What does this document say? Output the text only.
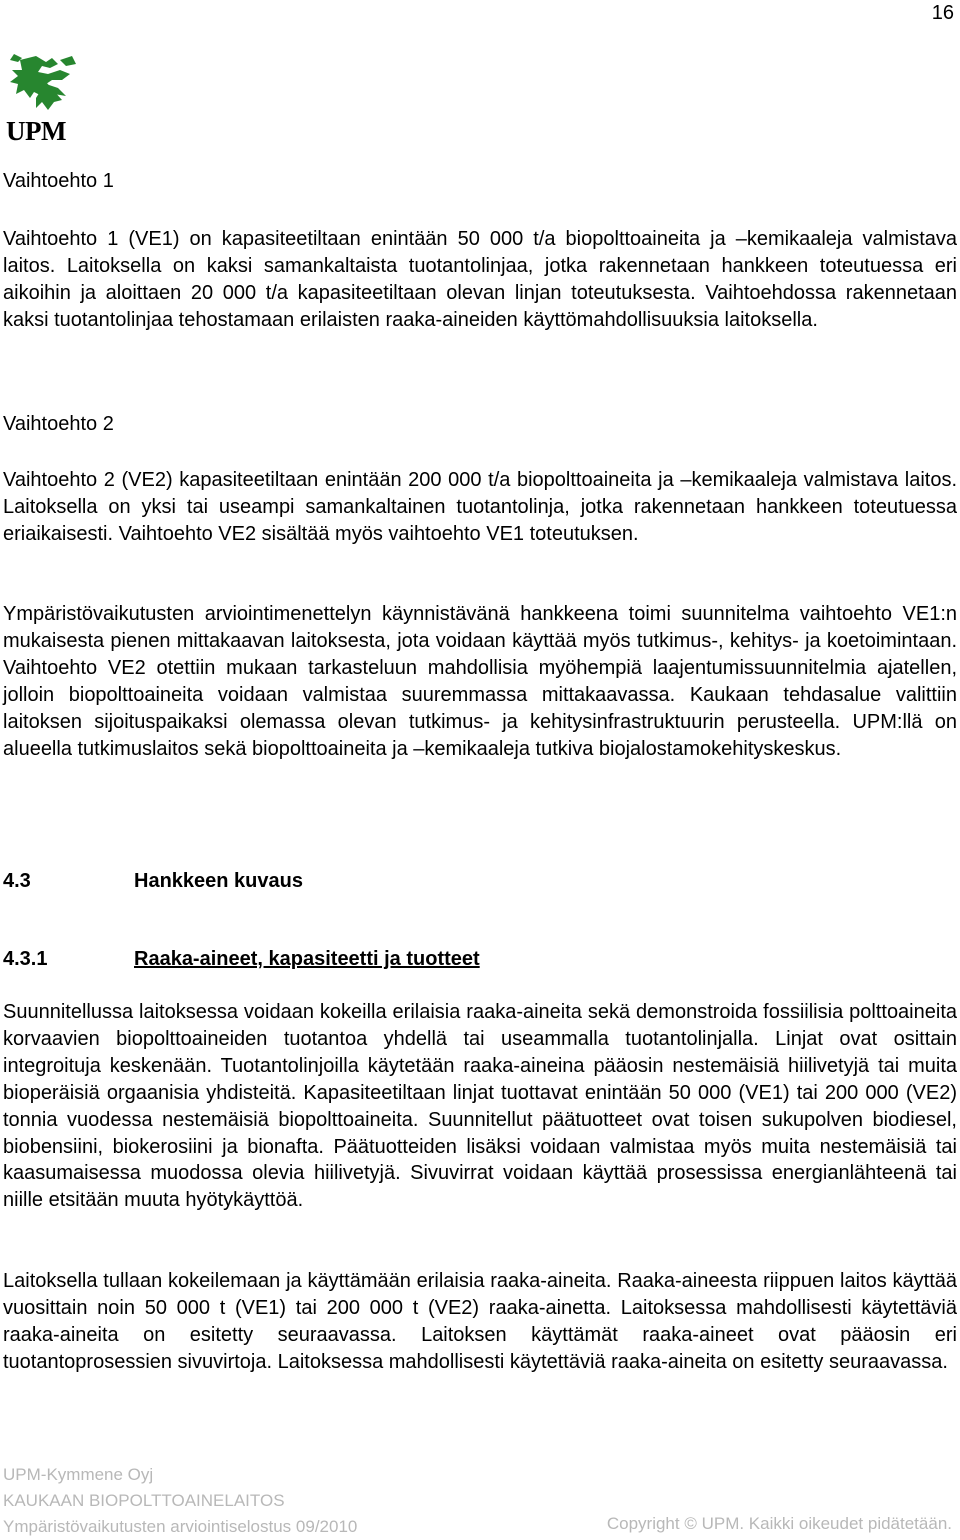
16
UPM
Vaihtoehto 1

Vaihtoehto 1 (VE1) on kapasiteetiltaan enintään 50 000 t/a biopolttoaineita ja –kemikaaleja valmistava laitos. Laitoksella on kaksi samankaltaista tuotantolinjaa, jotka rakennetaan hankkeen toteutuessa eri aikoihin ja aloittaen 20 000 t/a kapasiteetiltaan olevan linjan toteutuksesta. Vaihtoehdossa rakennetaan kaksi tuotantolinjaa tehostamaan erilaisten raaka-aineiden käyttömahdollisuuksia laitoksella.

Vaihtoehto 2

Vaihtoehto 2 (VE2) kapasiteetiltaan enintään 200 000 t/a biopolttoaineita ja –kemikaaleja valmistava laitos. Laitoksella on yksi tai useampi samankaltainen tuotantolinja, jotka rakennetaan hankkeen toteutuessa eriaikaisesti. Vaihtoehto VE2 sisältää myös vaihtoehto VE1 toteutuksen.

Ympäristövaikutusten arviointimenettelyn käynnistävänä hankkeena toimi suunnitelma vaihtoehto VE1:n mukaisesta pienen mittakaavan laitoksesta, jota voidaan käyttää myös tutkimus-, kehitys- ja koetoimintaan. Vaihtoehto VE2 otettiin mukaan tarkasteluun mahdollisia myöhempiä laajentumissuunnitelmia ajatellen, jolloin biopolttoaineita voidaan valmistaa suuremmassa mittakaavassa. Kaukaan tehdasalue valittiin laitoksen sijoituspaikaksi olemassa olevan tutkimus- ja kehitysinfrastruktuurin perusteella. UPM:llä on alueella tutkimuslaitos sekä biopolttoaineita ja –kemikaaleja tutkiva biojalostamokehityskeskus.

4.3	Hankkeen kuvaus
4.3.1	Raaka-aineet, kapasiteetti ja tuotteet

Suunnitellussa laitoksessa voidaan kokeilla erilaisia raaka-aineita sekä demonstroida fossiilisia polttoaineita korvaavien biopolttoaineiden tuotantoa yhdellä tai useammalla tuotantolinjalla. Linjat ovat osittain integroituja keskenään. Tuotantolinjoilla käytetään raaka-aineina pääosin nestemäisiä hiilivetyjä tai muita bioperäisiä orgaanisia yhdisteitä. Kapasiteetiltaan linjat tuottavat enintään 50 000 (VE1) tai 200 000 (VE2) tonnia vuodessa nestemäisiä biopolttoaineita. Suunnitellut päätuotteet ovat toisen sukupolven biodiesel, biobensiini, biokerosiini ja bionafta. Päätuotteiden lisäksi voidaan valmistaa myös muita nestemäisiä tai kaasumaisessa muodossa olevia hiilivetyjä. Sivuvirrat voidaan käyttää prosessissa energianlähteenä tai niille etsitään muuta hyötykäyttöä.

Laitoksella tullaan kokeilemaan ja käyttämään erilaisia raaka-aineita. Raaka-aineesta riippuen laitos käyttää vuosittain noin 50 000 t (VE1) tai 200 000 t (VE2) raaka-ainetta. Laitoksessa mahdollisesti käytettäviä raaka-aineita on esitetty seuraavassa. Laitoksen käyttämät raaka-aineet ovat pääosin eri tuotantoprosessien sivuvirtoja. Laitoksessa mahdollisesti käytettäviä raaka-aineita on esitetty seuraavassa.

UPM-Kymmene Oyj
KAUKAAN BIOPOLTTOAINELAITOS
Ympäristövaikutusten arviointiselostus 09/2010	Copyright © UPM. Kaikki oikeudet pidätetään.
